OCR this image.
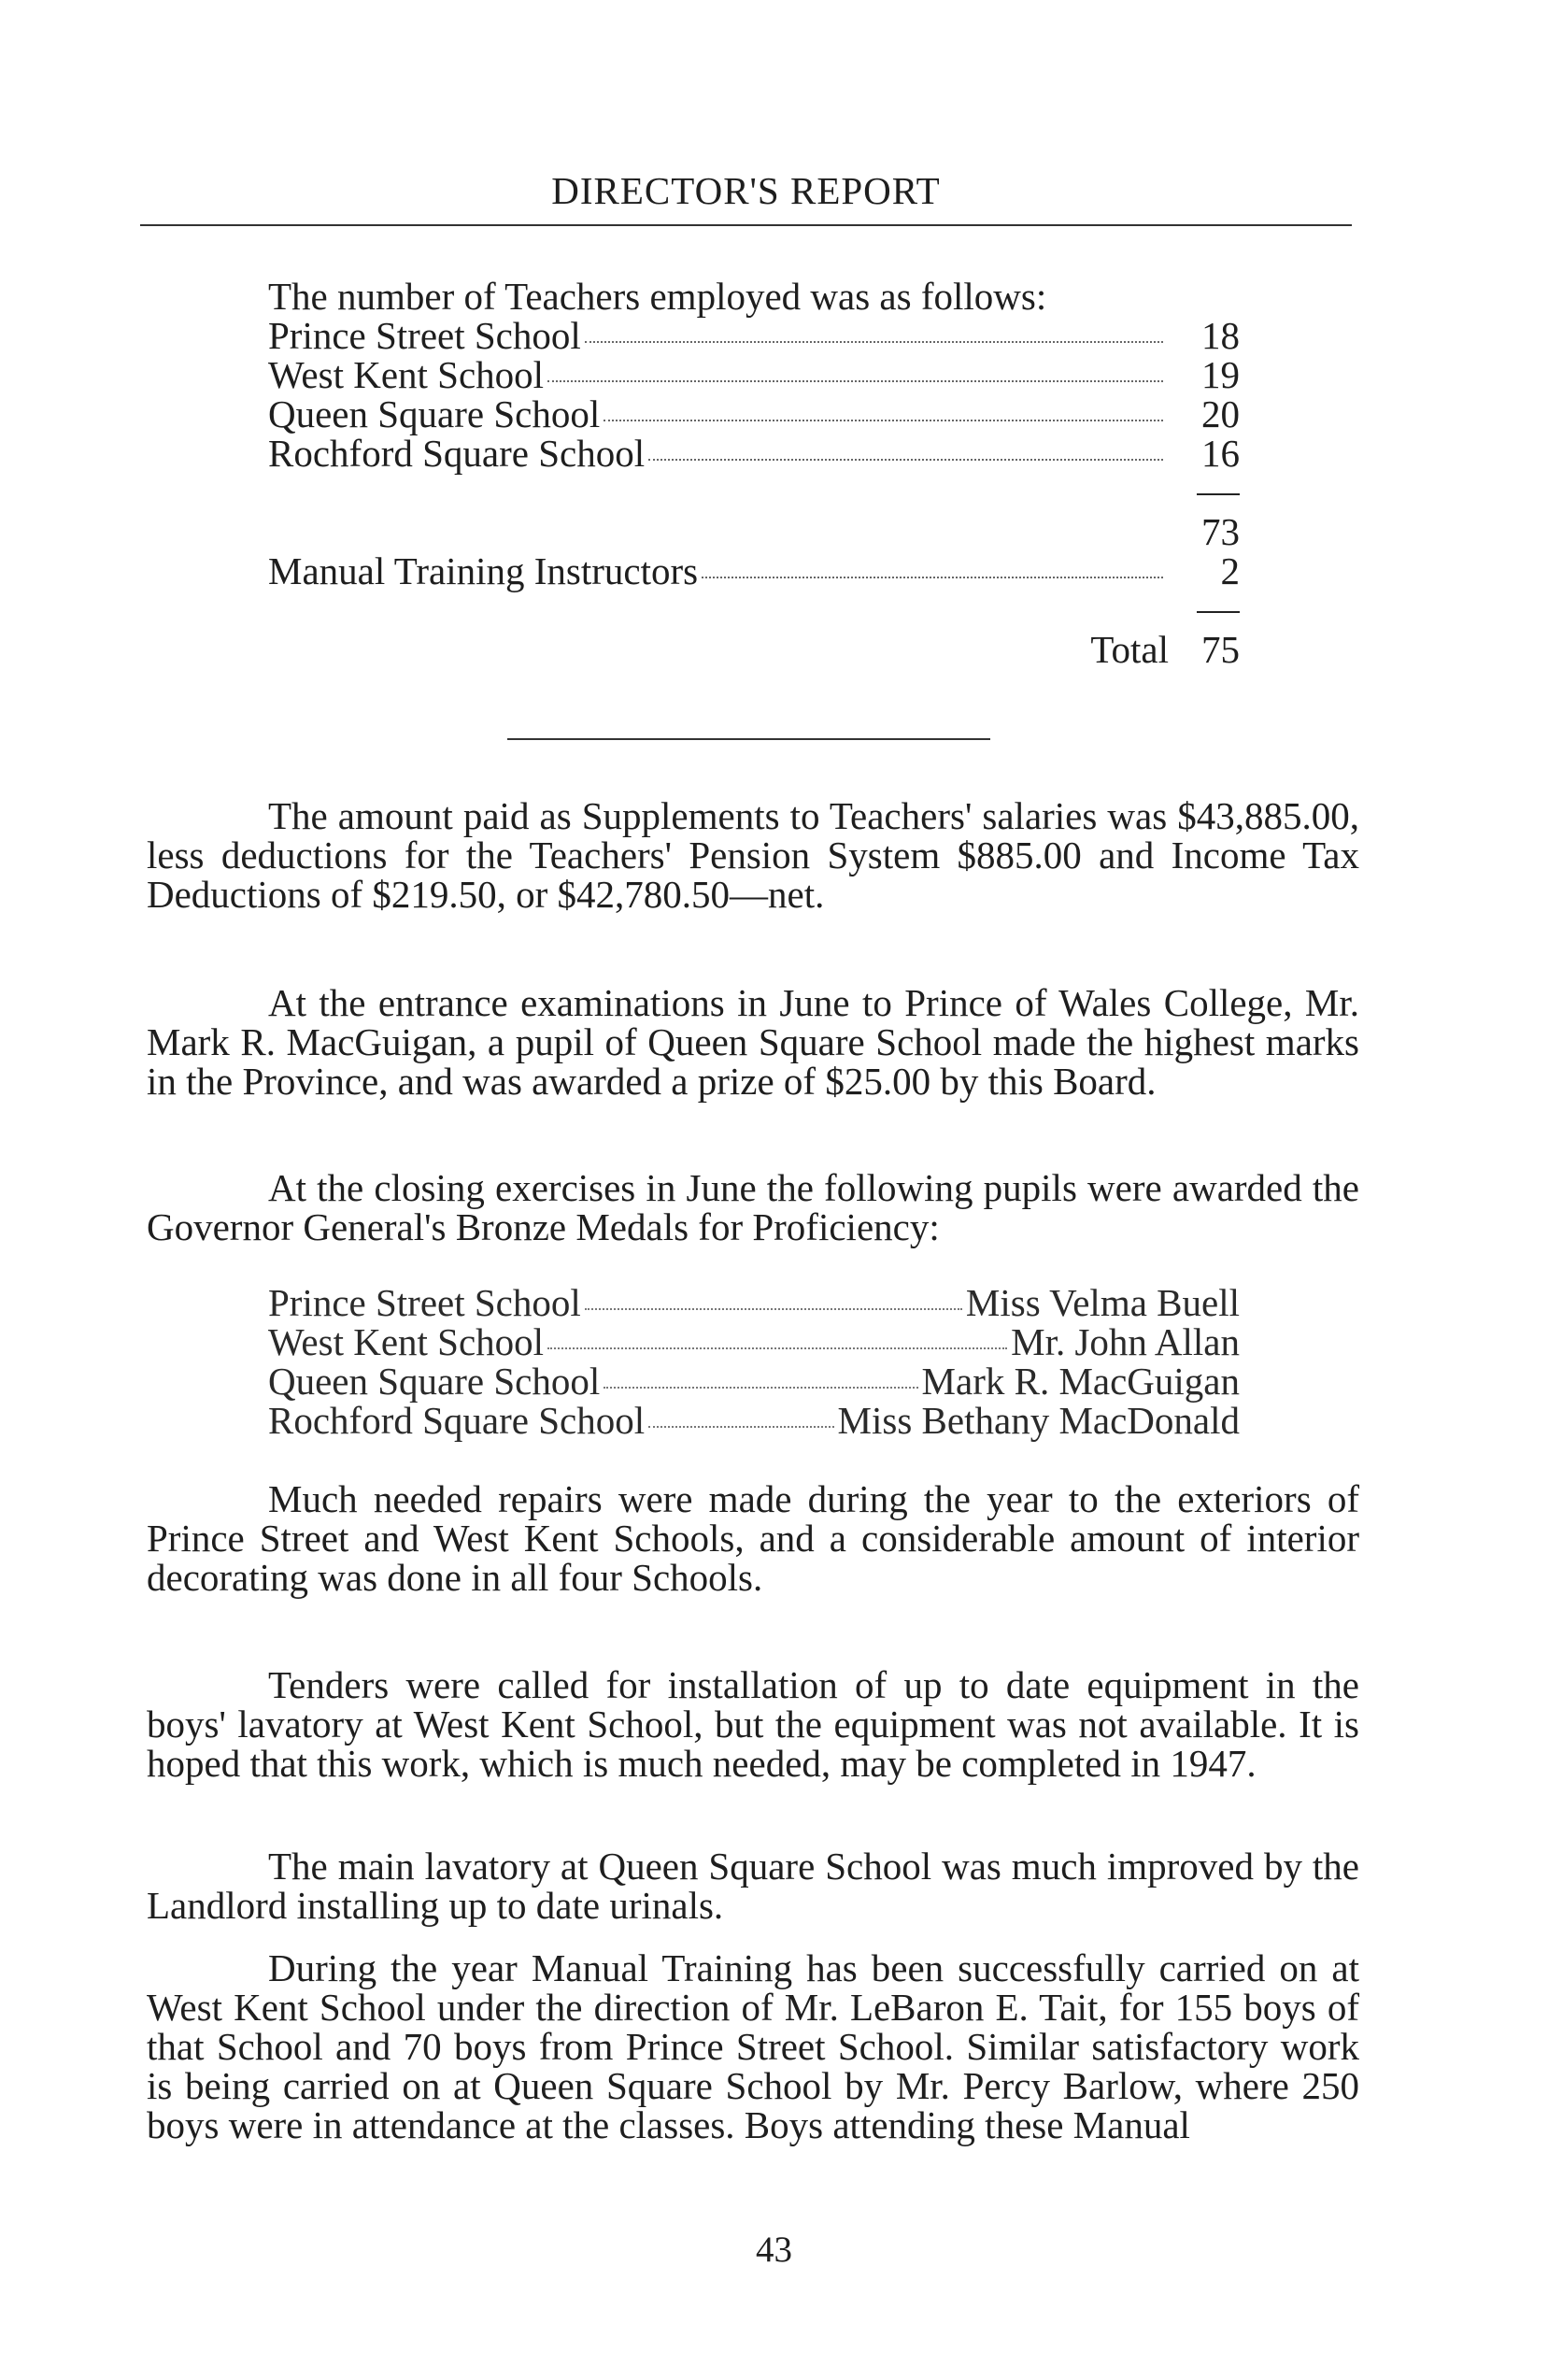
DIRECTOR'S REPORT

The number of Teachers employed was as follows:

Prince Street School	18
West Kent School	19
Queen Square School	20
Rochford Square School	16
73
Manual Training Instructors	2
Total 75

The amount paid as Supplements to Teachers' salaries was $43,885.00, less deductions for the Teachers' Pension System $885.00 and Income Tax Deductions of $219.50, or $42,780.50—net.

At the entrance examinations in June to Prince of Wales College, Mr. Mark R. MacGuigan, a pupil of Queen Square School made the highest marks in the Province, and was awarded a prize of $25.00 by this Board.

At the closing exercises in June the following pupils were awarded the Governor General's Bronze Medals for Proficiency:

Prince Street School	Miss Velma Buell
West Kent School	Mr. John Allan
Queen Square School	Mark R. MacGuigan
Rochford Square School	Miss Bethany MacDonald

Much needed repairs were made during the year to the exteriors of Prince Street and West Kent Schools, and a considerable amount of interior decorating was done in all four Schools.

Tenders were called for installation of up to date equipment in the boys' lavatory at West Kent School, but the equipment was not available. It is hoped that this work, which is much needed, may be completed in 1947.

The main lavatory at Queen Square School was much improved by the Landlord installing up to date urinals.

During the year Manual Training has been successfully carried on at West Kent School under the direction of Mr. LeBaron E. Tait, for 155 boys of that School and 70 boys from Prince Street School. Similar satisfactory work is being carried on at Queen Square School by Mr. Percy Barlow, where 250 boys were in attendance at the classes. Boys attending these Manual

43
